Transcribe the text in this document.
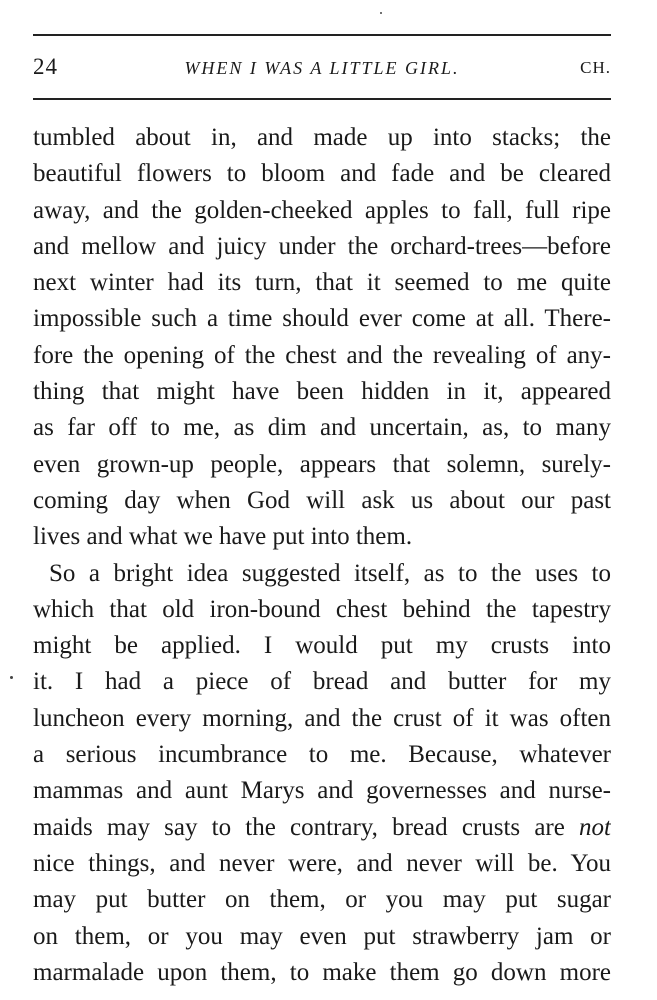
24	WHEN I WAS A LITTLE GIRL.	CH.
tumbled about in, and made up into stacks; the
beautiful flowers to bloom and fade and be cleared
away, and the golden-cheeked apples to fall, full ripe
and mellow and juicy under the orchard-trees—before
next winter had its turn, that it seemed to me quite
impossible such a time should ever come at all. There-
fore the opening of the chest and the revealing of any-
thing that might have been hidden in it, appeared
as far off to me, as dim and uncertain, as, to many
even grown-up people, appears that solemn, surely-
coming day when God will ask us about our past
lives and what we have put into them.
So a bright idea suggested itself, as to the uses to
which that old iron-bound chest behind the tapestry
might be applied. I would put my crusts into
it. I had a piece of bread and butter for my
luncheon every morning, and the crust of it was often
a serious incumbrance to me. Because, whatever
mammas and aunt Marys and governesses and nurse-
maids may say to the contrary, bread crusts are not
nice things, and never were, and never will be. You
may put butter on them, or you may put sugar
on them, or you may even put strawberry jam or
marmalade upon them, to make them go down more
